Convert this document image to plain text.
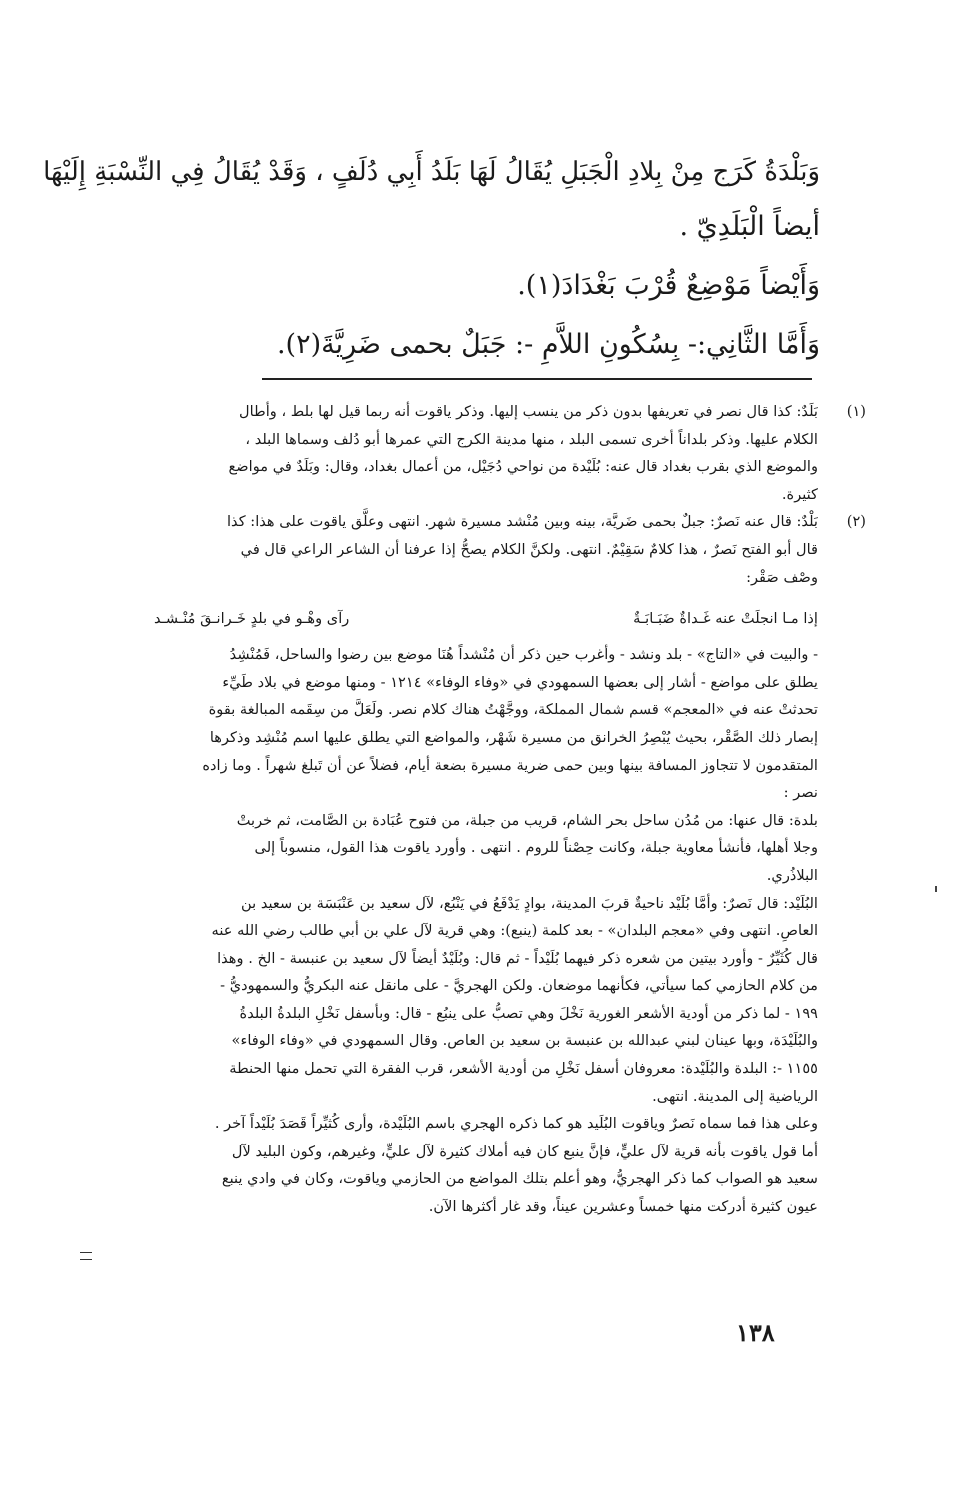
وَبَلْدَةُ كَرَج مِنْ بِلادِ الْجَبَلِ يُقَالُ لَهَا بَلَدُ أَبِي دُلَفٍ ، وَقَدْ يُقَالُ فِي النِّسْبَةِ إِلَيْهَا
أيضاً الْبَلَدِيّ .
وَأَيْضاً مَوْضِعٌ قُرْبَ بَغْدَادَ(١).
وَأَمَّا الثَّانِي:- بِسُكُونِ اللاَّمِ -: جَبَلٌ بحمى ضَرِيَّةَ(٢).
(١)
بَلَدٌ: كذا قال نصر في تعريفها بدون ذكر من ينسب إليها. وذكر ياقوت أنه ربما قيل لها بلط ، وأطال
الكلام عليها. وذكر بلداناً أخرى تسمى البلد ، منها مدينة الكرج التي عمرها أبو دُلف وسماها البلد ،
والموضع الذي بقرب بغداد قال عنه: بُلَيْدة من نواحي دُجَيْل، من أعمال بغداد، وقال: وبَلَدٌ في مواضع
كثيرة.
(٢)
بَلْدٌ: قال عنه نَصرٌ: جبلٌ بحمى ضَريَّة، بينه وبين مُنْشد مسيرة شهر. انتهى وعلَّق ياقوت على هذا: كذا
قال أبو الفتح نَصرٌ ، هذا كلامٌ سَقِيْمٌ. انتهى. ولكنَّ الكلام يصحُّ إذا عرفنا أن الشاعر الراعي قال في
وصْف صَقْر:
إذا مـا انجلَتْ عنه غَـداةٌ ضَبَـابَـةٌ
رآى وهْـو في بلدٍ خَـرانـقَ مُنْـشـد
- والبيت في «التاج» - بلد ونشد - وأغرب حين ذكر أن مُنْشداً هُنَا موضع بين رضوا والساحل، فَمُنْشِدُ
يطلق على مواضع - أشار إلى بعضها السمهودي في «وفاء الوفاء» ١٢١٤ - ومنها موضع في بلاد طَيِّء
تحدثتْ عنه في «المعجم» قسم شمال المملكة، ووجَّهْتُ هناك كلام نصر. ولَعَلَّ من سِقَمه المبالغة بقوة
إبصار ذلك الصَّقْر، بحيث يُبْصِرُ الخرانق من مسيرة شَهْر، والمواضع التي يطلق عليها اسم مُنْشِد وذكرها
المتقدمون لا تتجاوز المسافة بينها وبين حمى ضرية مسيرة بضعة أيام، فضلاً عن أن تَبلغ شهراً . وما زاده
نصر :
بلدة: قال عنها: من مُدُن ساحل بحر الشام، قريب من جبلة، من فتوح عُبَادة بن الصَّامت، ثم خربتْ
وجلا أهلها، فأنشأ معاوية جبلة، وكانت حِصْناً للروم . انتهى . وأورد ياقوت هذا القول، منسوباً إلى
البلاذُري.
البُلَيْد: قال نَصرٌ: وأمَّا بُلَيْد ناحيةٌ قربَ المدينة، بوادٍ يَدْفَعُ في يَنْبُع، لآل سعيد بن عَنْبَسَة بن سعيد بن
العاصِ. انتهى وفي «معجم البلدان» - بعد كلمة (ينبع): وهي قرية لآل علي بن أبي طالب رضي الله عنه
قال كُثَيِّرٌ - وأورد بيتين من شعره ذكر فيهما بُلَيْداً - ثم قال: وبُلَيْدٌ أيضاً لآل سعيد بن عنبسة - الخ . وهذا
من كلام الحازمي كما سيأتي، فكأنهما موضعان. ولكن الهجريَّ - على مانقل عنه البكريُّ والسمهوديُّ -
١٩٩ - لما ذكر من أودية الأشعر الغورية نَخْلَ وهي تصبُّ على ينبُع - قال: وبأسفل نَخْلِ البلدةُ البلدةُ
والبُلَيْدَة، وبها عينان لبني عبدالله بن عنبسة بن سعيد بن العاص. وقال السمهودي في «وفاء الوفاء»
١١٥٥ -: البلدة والبُلَيْدة: معروفان أسفل نَخْلِ من أودية الأشعر، قرب الفقرة التي تحمل منها الحنطة
الرياضية إلى المدينة. انتهى.
وعلى هذا فما سماه نَصرٌ وياقوت البُلَيد هو كما ذكره الهجري باسم البُلَيْدة، وأرى كُثيِّراً قَصَدَ بُلَيْداً آخر .
أما قول ياقوت بأنه قرية لآل عليٍّ، فإنَّ ينبع كان فيه أملاك كثيرة لآل عليٍّ، وغيرهم، وكون البليد لآل
سعيد هو الصواب كما ذكر الهجريُّ، وهو أعلم بتلك المواضع من الحازمي وياقوت، وكان في وادي ينبع
عيون كثيرة أدركت منها خمساً وعشرين عيناً، وقد غار أكثرها الآن.
١٣٨
